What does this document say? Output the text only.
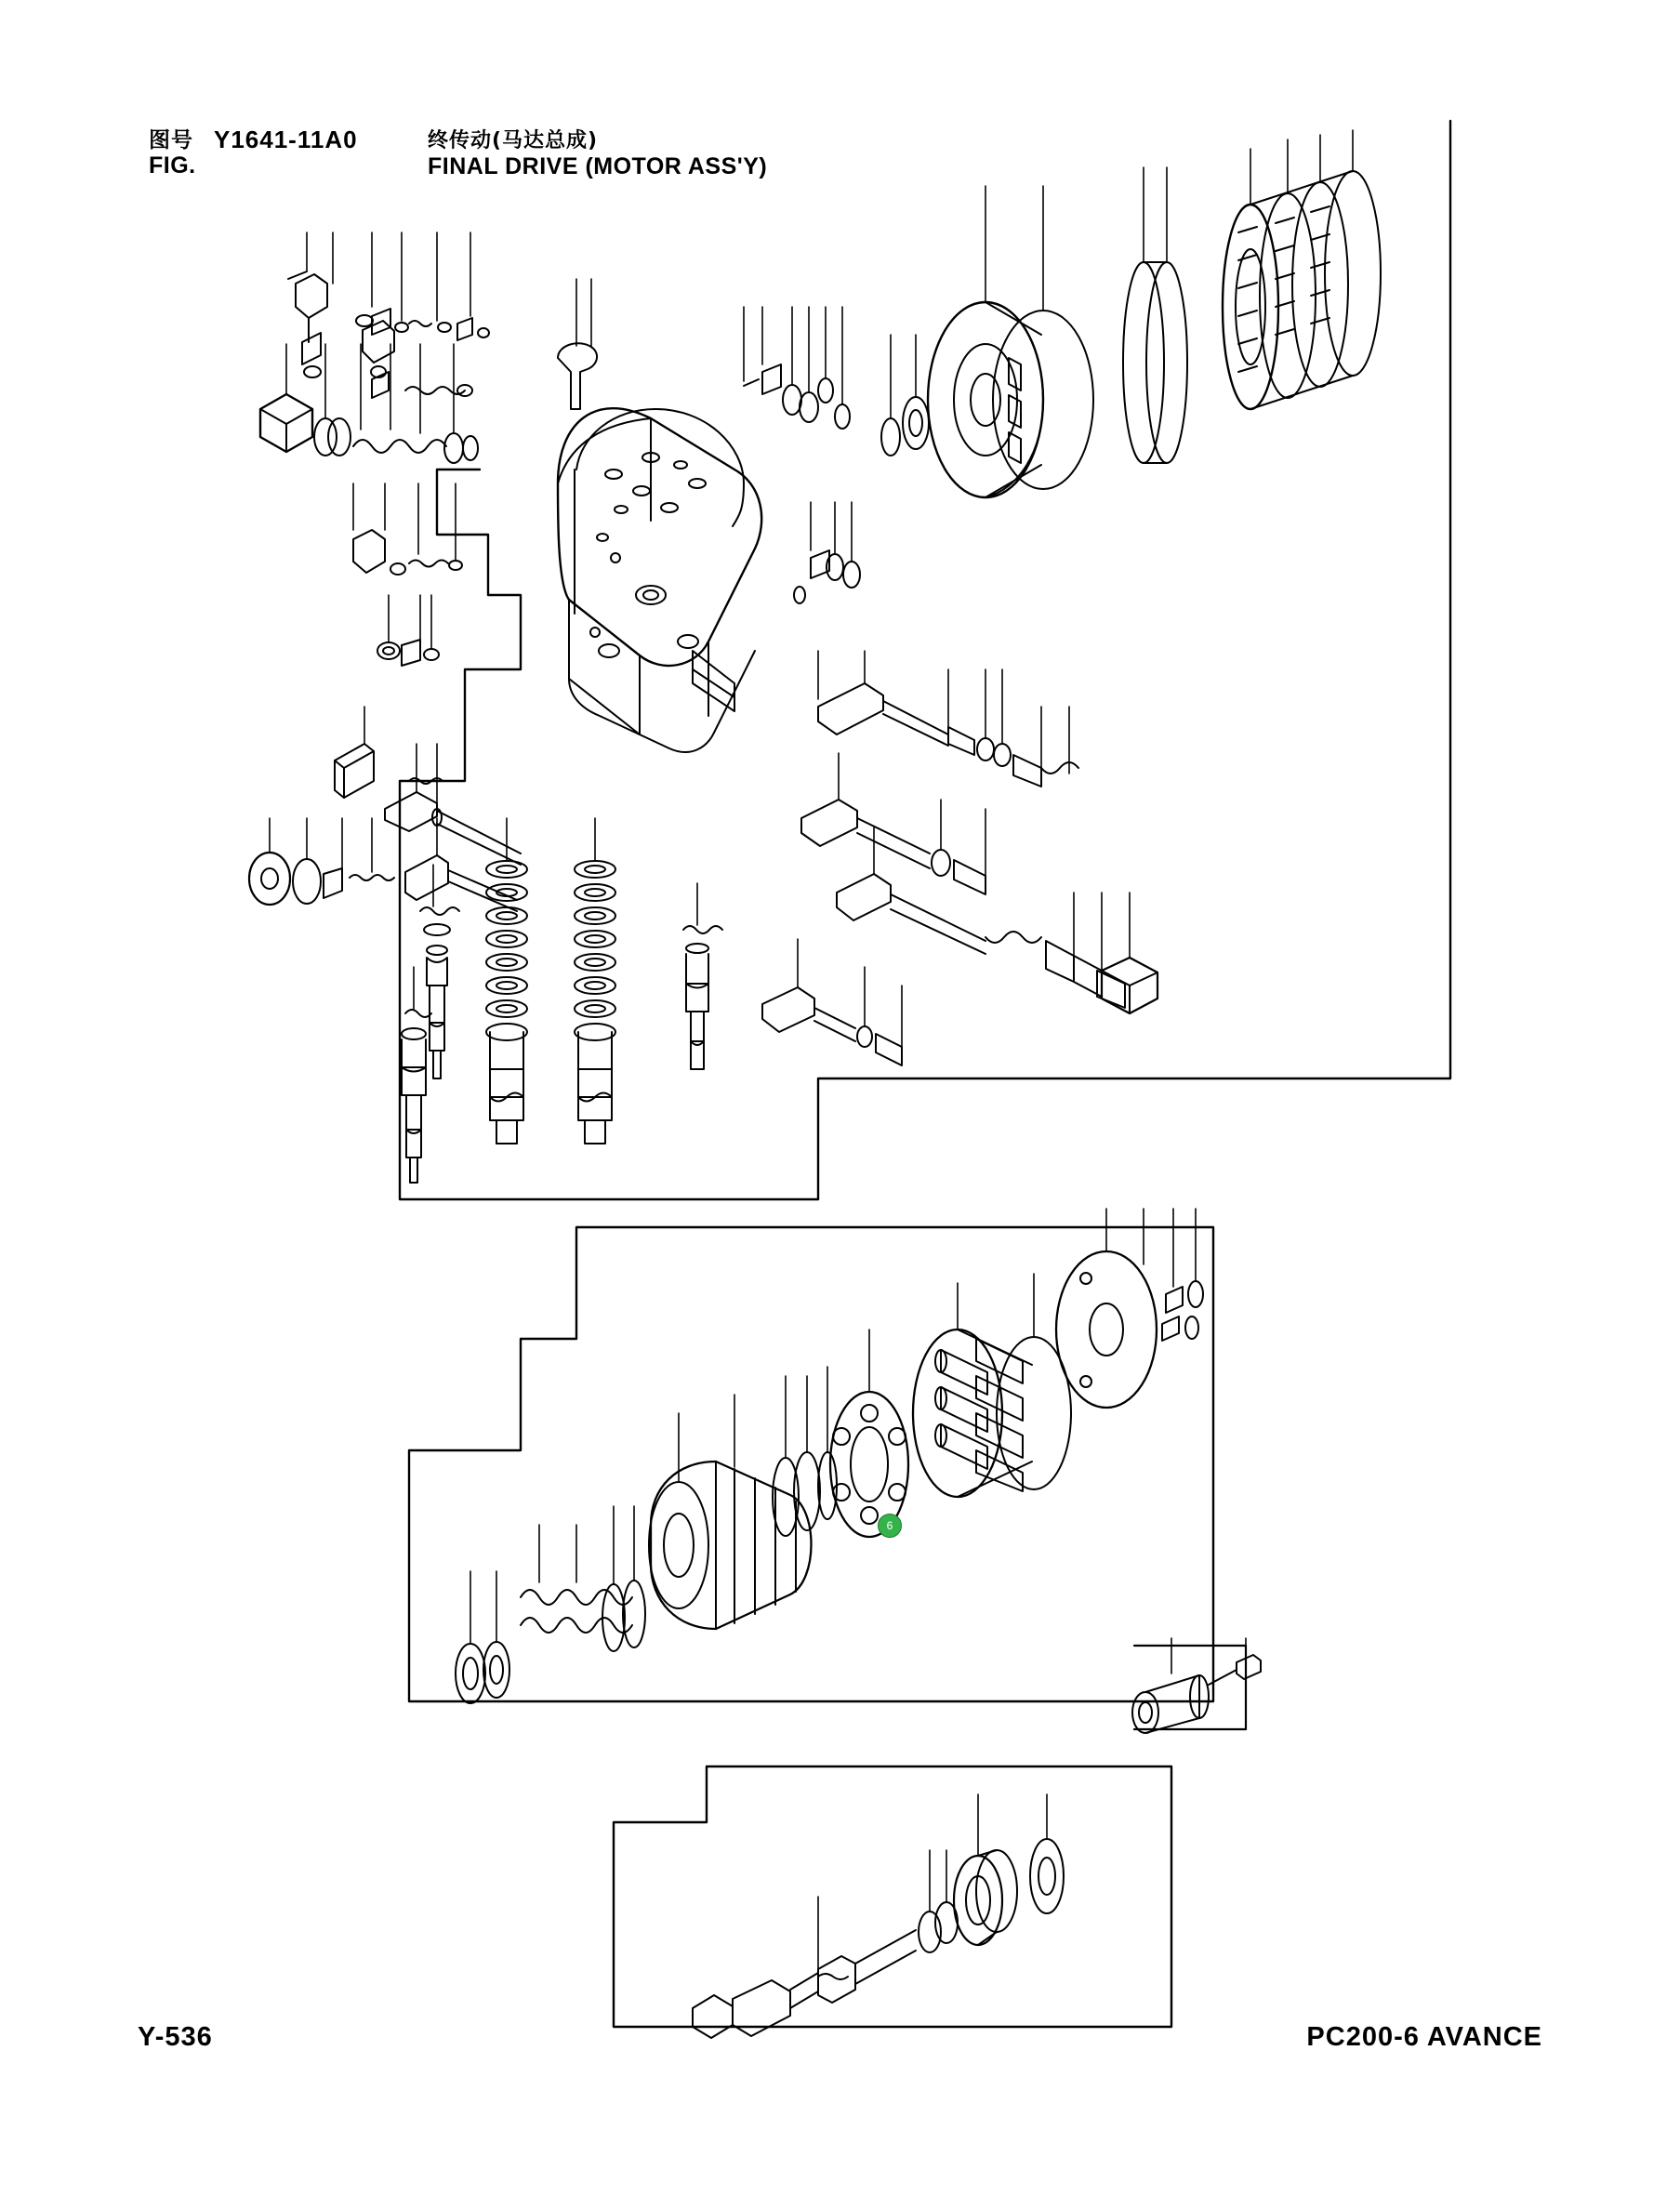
图号
FIG.
Y1641-11A0	终传动(马达总成)
FINAL DRIVE (MOTOR ASS'Y)
6
Y-536	PC200-6 AVANCE
